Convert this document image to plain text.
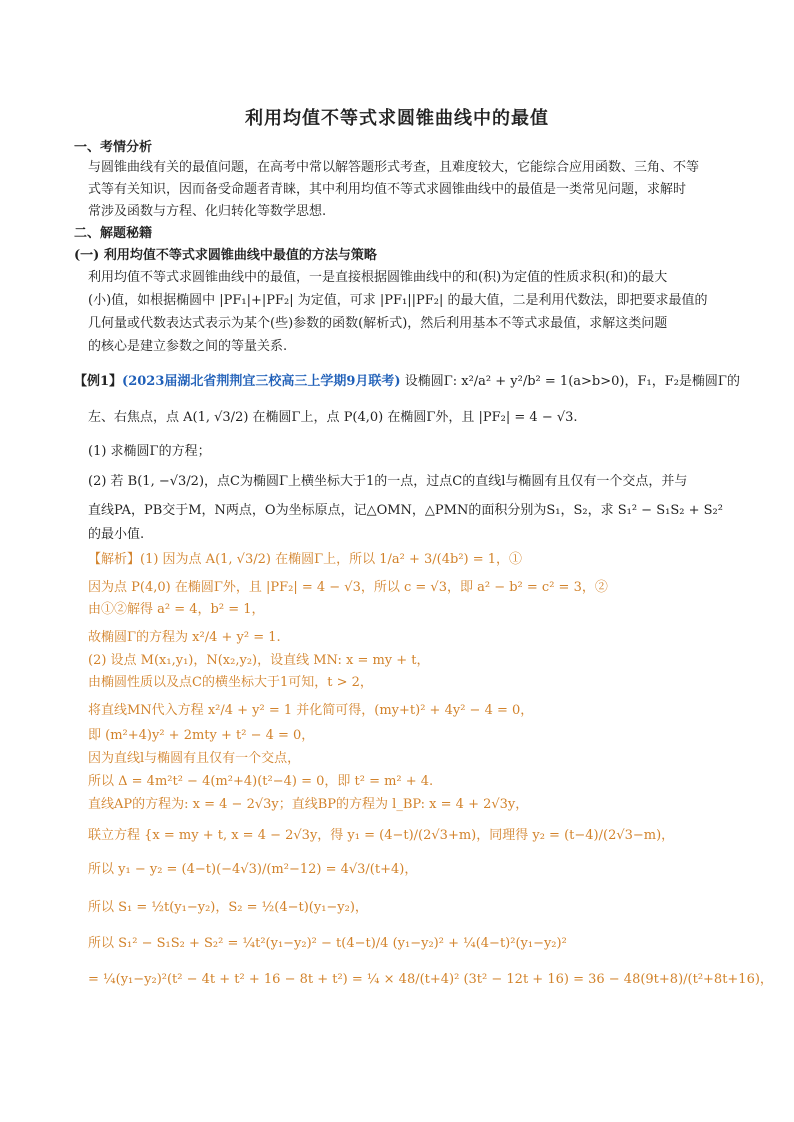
利用均值不等式求圆锥曲线中的最值
一、考情分析
与圆锥曲线有关的最值问题，在高考中常以解答题形式考查，且难度较大，它能综合应用函数、三角、不等
式等有关知识，因而备受命题者青睐，其中利用均值不等式求圆锥曲线中的最值是一类常见问题，求解时
常涉及函数与方程、化归转化等数学思想.
二、解题秘籍
(一) 利用均值不等式求圆锥曲线中最值的方法与策略
利用均值不等式求圆锥曲线中的最值，一是直接根据圆锥曲线中的和(积)为定值的性质求积(和)的最大
(小)值，如根据椭圆中 |PF₁|+|PF₂| 为定值，可求 |PF₁||PF₂| 的最大值，二是利用代数法，即把要求最值的
几何量或代数表达式表示为某个(些)参数的函数(解析式)，然后利用基本不等式求最值，求解这类问题
的核心是建立参数之间的等量关系.
【例1】(2023届湖北省荆荆宜三校高三上学期9月联考) 设椭圆Γ: x²/a² + y²/b² = 1(a>b>0)，F₁，F₂是椭圆Γ的
左、右焦点，点 A(1, √3/2) 在椭圆Γ上，点 P(4,0) 在椭圆Γ外，且 |PF₂| = 4 − √3.
(1) 求椭圆Γ的方程；
(2) 若 B(1, −√3/2)，点C为椭圆Γ上横坐标大于1的一点，过点C的直线l与椭圆有且仅有一个交点，并与
直线PA，PB交于M，N两点，O为坐标原点，记△OMN，△PMN的面积分别为S₁，S₂，求 S₁² − S₁S₂ + S₂²
的最小值.
【解析】(1) 因为点 A(1, √3/2) 在椭圆Γ上，所以 1/a² + 3/(4b²) = 1，①
因为点 P(4,0) 在椭圆Γ外，且 |PF₂| = 4 − √3，所以 c = √3，即 a² − b² = c² = 3，②
由①②解得 a² = 4，b² = 1，
故椭圆Γ的方程为 x²/4 + y² = 1.
(2) 设点 M(x₁,y₁)，N(x₂,y₂)，设直线 MN: x = my + t，
由椭圆性质以及点C的横坐标大于1可知，t > 2，
将直线MN代入方程 x²/4 + y² = 1 并化简可得，(my+t)² + 4y² − 4 = 0，
即 (m²+4)y² + 2mty + t² − 4 = 0，
因为直线l与椭圆有且仅有一个交点，
所以 Δ = 4m²t² − 4(m²+4)(t²−4) = 0，即 t² = m² + 4.
直线AP的方程为: x = 4 − 2√3y；直线BP的方程为 l_BP: x = 4 + 2√3y，
联立方程 {x = my + t, x = 4 − 2√3y，得 y₁ = (4−t)/(2√3+m)，同理得 y₂ = (t−4)/(2√3−m)，
所以 y₁ − y₂ = (4−t)(−4√3)/(m²−12) = 4√3/(t+4)，
所以 S₁ = ½t(y₁−y₂)，S₂ = ½(4−t)(y₁−y₂)，
所以 S₁² − S₁S₂ + S₂² = ¼t²(y₁−y₂)² − t(4−t)/4 (y₁−y₂)² + ¼(4−t)²(y₁−y₂)²
= ¼(y₁−y₂)²(t² − 4t + t² + 16 − 8t + t²) = ¼ × 48/(t+4)² (3t² − 12t + 16) = 36 − 48(9t+8)/(t²+8t+16)，
